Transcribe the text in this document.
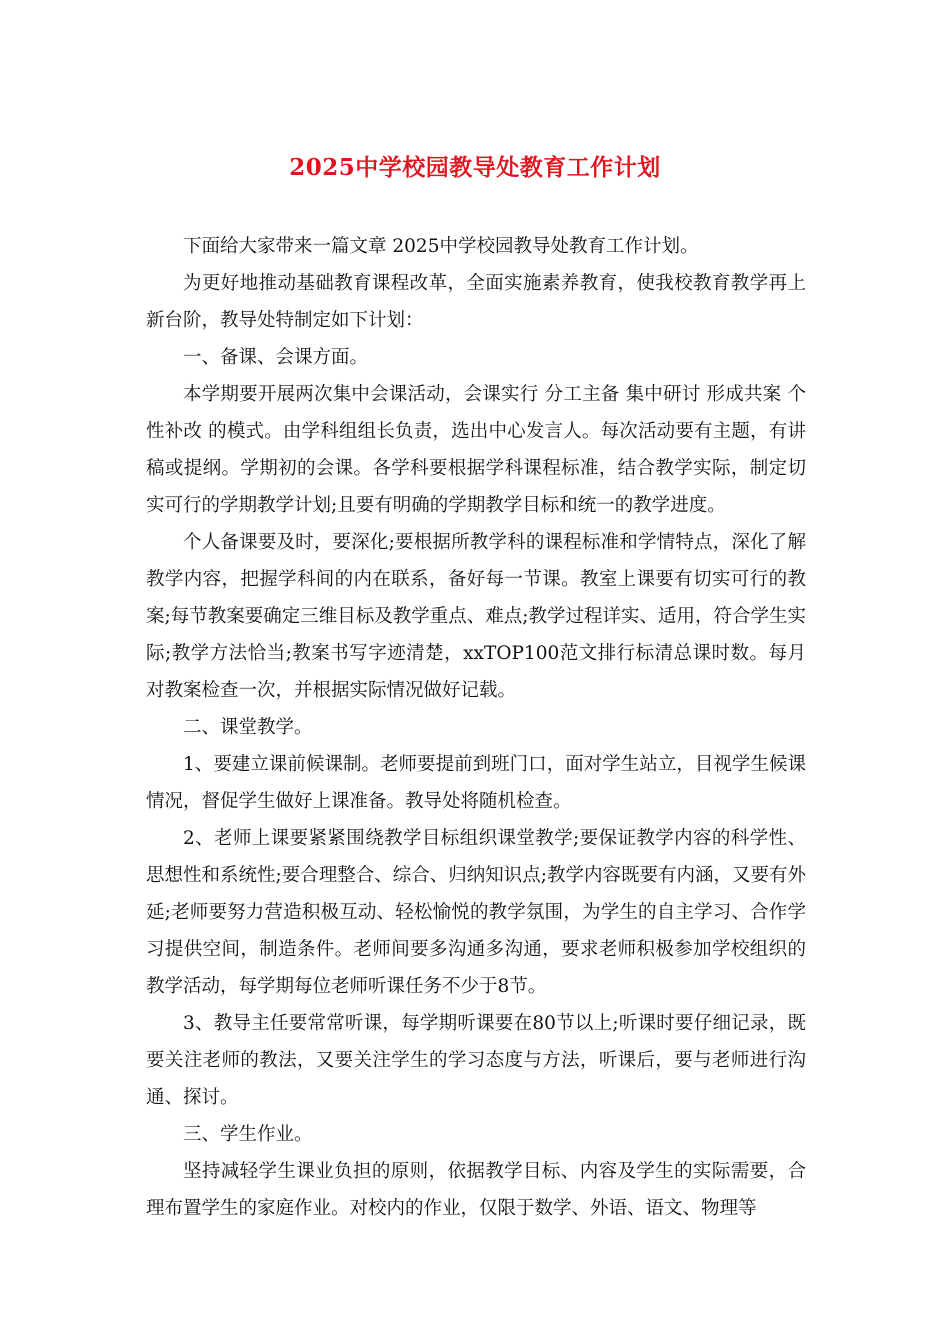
2025中学校园教导处教育工作计划

下面给大家带来一篇文章 2025中学校园教导处教育工作计划。

为更好地推动基础教育课程改革，全面实施素养教育，使我校教育教学再上新台阶，教导处特制定如下计划：

一、备课、会课方面。

本学期要开展两次集中会课活动，会课实行 分工主备 集中研讨 形成共案 个性补改 的模式。由学科组组长负责，选出中心发言人。每次活动要有主题，有讲稿或提纲。学期初的会课。各学科要根据学科课程标准，结合教学实际，制定切实可行的学期教学计划;且要有明确的学期教学目标和统一的教学进度。

个人备课要及时，要深化;要根据所教学科的课程标准和学情特点，深化了解教学内容，把握学科间的内在联系，备好每一节课。教室上课要有切实可行的教案;每节教案要确定三维目标及教学重点、难点;教学过程详实、适用，符合学生实际;教学方法恰当;教案书写字迹清楚，xxTOP100范文排行标清总课时数。每月对教案检查一次，并根据实际情况做好记载。

二、课堂教学。

1、要建立课前候课制。老师要提前到班门口，面对学生站立，目视学生候课情况，督促学生做好上课准备。教导处将随机检查。

2、老师上课要紧紧围绕教学目标组织课堂教学;要保证教学内容的科学性、思想性和系统性;要合理整合、综合、归纳知识点;教学内容既要有内涵，又要有外延;老师要努力营造积极互动、轻松愉悦的教学氛围，为学生的自主学习、合作学习提供空间，制造条件。老师间要多沟通多沟通，要求老师积极参加学校组织的教学活动，每学期每位老师听课任务不少于8节。

3、教导主任要常常听课，每学期听课要在80节以上;听课时要仔细记录，既要关注老师的教法，又要关注学生的学习态度与方法，听课后，要与老师进行沟通、探讨。

三、学生作业。

坚持减轻学生课业负担的原则，依据教学目标、内容及学生的实际需要，合理布置学生的家庭作业。对校内的作业，仅限于数学、外语、语文、物理等
